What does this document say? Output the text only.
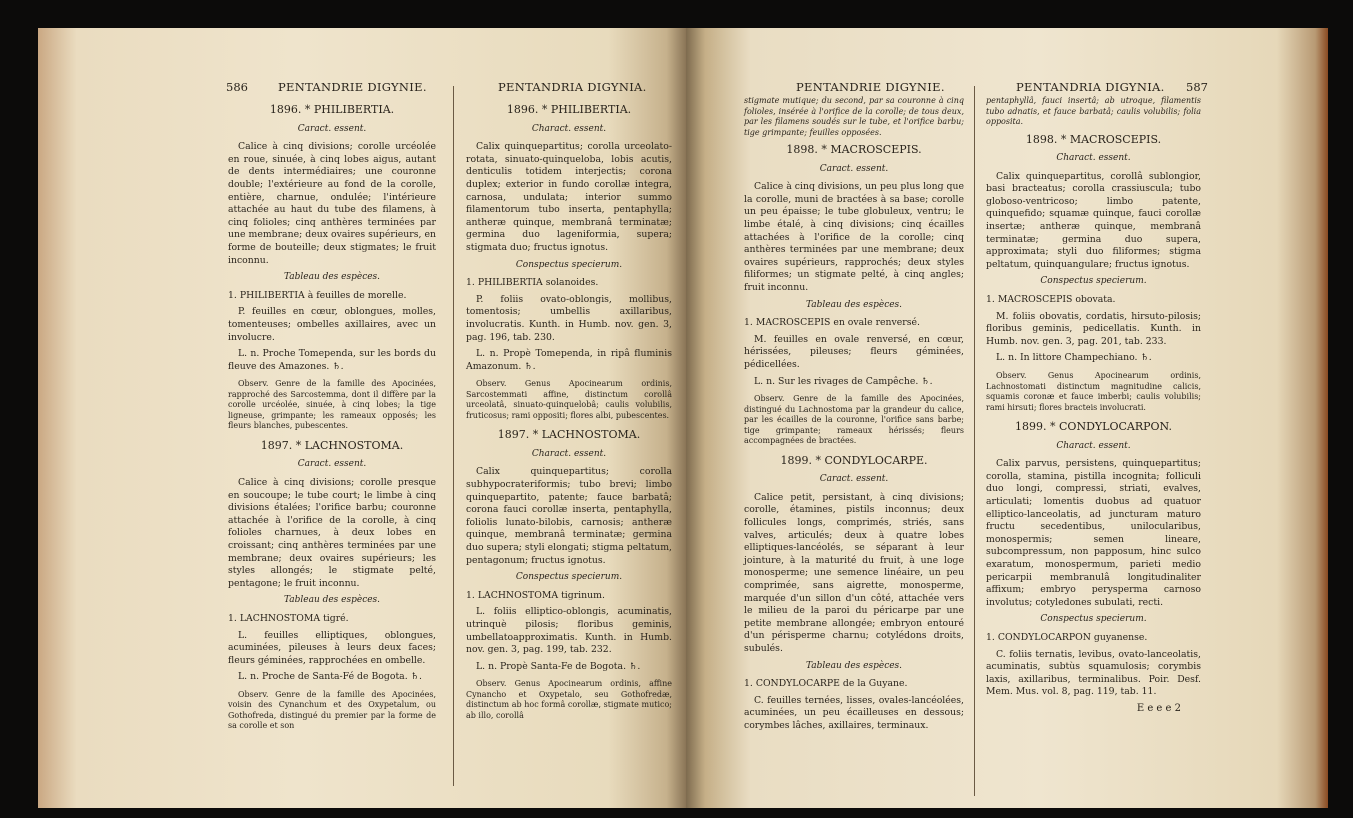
586	PENTANDRIE DIGYNIE.	PENTANDRIA DIGYNIA.
1896. * PHILIBERTIA.
Caract. essent.

Calice à cinq divisions; corolle urcéolée en roue, sinuée, à cinq lobes aigus, autant de dents intermédiaires; une couronne double; l'extérieure au fond de la corolle, entière, charnue, ondulée; l'intérieure attachée au haut du tube des filamens, à cinq folioles; cinq anthères terminées par une membrane; deux ovaires supérieurs, en forme de bouteille; deux stigmates; le fruit inconnu.

Tableau des espèces.

1. PHILIBERTIA à feuilles de morelle.

P. feuilles en cœur, oblongues, molles, tomenteuses; ombelles axillaires, avec un involucre.

L. n. Proche Tomependa, sur les bords du fleuve des Amazones. ♄.

Observ. Genre de la famille des Apocinées, rapproché des Sarcostemma, dont il diffère par la corolle urcéolée, sinuée, à cinq lobes; la tige ligneuse, grimpante; les rameaux opposés; les fleurs blanches, pubescentes.
1897. * LACHNOSTOMA.
Caract. essent.

Calice à cinq divisions; corolle presque en soucoupe; le tube court; le limbe à cinq divisions étalées; l'orifice barbu; couronne attachée à l'orifice de la corolle, à cinq folioles charnues, à deux lobes en croissant; cinq anthères terminées par une membrane; deux ovaires supérieurs; les styles allongés; le stigmate pelté, pentagone; le fruit inconnu.

Tableau des espèces.

1. LACHNOSTOMA tigré.

L. feuilles elliptiques, oblongues, acuminées, pileuses à leurs deux faces; fleurs géminées, rapprochées en ombelle.

L. n. Proche de Santa-Fé de Bogota. ♄.

Observ. Genre de la famille des Apocinées, voisin des Cynanchum et des Oxypetalum, ou Gothofreda, distingué du premier par la forme de sa corolle et son
1896. * PHILIBERTIA.
Charact. essent.

Calix quinquepartitus; corolla urceolato-rotata, sinuato-quinqueloba, lobis acutis, denticulis totidem interjectis; corona duplex; exterior in fundo corollæ integra, carnosa, undulata; interior summo filamentorum tubo inserta, pentaphylla; antheræ quinque, membranâ terminatæ; germina duo lageniformia, supera; stigmata duo; fructus ignotus.

Conspectus specierum.

1. PHILIBERTIA solanoides.

P. foliis ovato-oblongis, mollibus, tomentosis; umbellis axillaribus, involucratis. Kunth. in Humb. nov. gen. 3, pag. 196, tab. 230.

L. n. Propè Tomependa, in ripâ fluminis Amazonum. ♄.

Observ. Genus Apocinearum ordinis, Sarcostemmati affine, distinctum corollâ urceolatâ, sinuato-quinquelobâ; caulis volubilis, fruticosus; rami oppositi; flores albi, pubescentes.
1897. * LACHNOSTOMA.
Charact. essent.

Calix quinquepartitus; corolla subhypocrateriformis; tubo brevi; limbo quinquepartito, patente; fauce barbatâ; corona fauci corollæ inserta, pentaphylla, foliolis lunato-bilobis, carnosis; antheræ quinque, membranâ terminatæ; germina duo supera; styli elongati; stigma peltatum, pentagonum; fructus ignotus.

Conspectus specierum.

1. LACHNOSTOMA tigrinum.

L. foliis elliptico-oblongis, acuminatis, utrinquè pilosis; floribus geminis, umbellatoapproximatis. Kunth. in Humb. nov. gen. 3, pag. 199, tab. 232.

L. n. Propè Santa-Fe de Bogota. ♄.

Observ. Genus Apocinearum ordinis, affine Cynancho et Oxypetalo, seu Gothofredæ, distinctum ab hoc formâ corollæ, stigmate mutico; ab illo, corollâ
PENTANDRIE DIGYNIE.	PENTANDRIA DIGYNIA. 587
stigmate mutique; du second, par sa couronne à cinq folioles, insérée à l'orifice de la corolle; de tous deux, par les filamens soudés sur le tube, et l'orifice barbu; tige grimpante; feuilles opposées.
1898. * MACROSCEPIS.
Caract. essent.

Calice à cinq divisions, un peu plus long que la corolle, muni de bractées à sa base; corolle un peu épaisse; le tube globuleux, ventru; le limbe étalé, à cinq divisions; cinq écailles attachées à l'orifice de la corolle; cinq anthères terminées par une membrane; deux ovaires supérieurs, rapprochés; deux styles filiformes; un stigmate pelté, à cinq angles; fruit inconnu.

Tableau des espèces.

1. MACROSCEPIS en ovale renversé.

M. feuilles en ovale renversé, en cœur, hérissées, pileuses; fleurs géminées, pédicellées.

L. n. Sur les rivages de Campêche. ♄.

Observ. Genre de la famille des Apocinées, distingué du Lachnostoma par la grandeur du calice, par les écailles de la couronne, l'orifice sans barbe; tige grimpante; rameaux hérissés; fleurs accompagnées de bractées.
1899. * CONDYLOCARPE.
Caract. essent.

Calice petit, persistant, à cinq divisions; corolle, étamines, pistils inconnus; deux follicules longs, comprimés, striés, sans valves, articulés; deux à quatre lobes elliptiques-lancéolés, se séparant à leur jointure, à la maturité du fruit, à une loge monosperme; une semence linéaire, un peu comprimée, sans aigrette, monosperme, marquée d'un sillon d'un côté, attachée vers le milieu de la paroi du péricarpe par une petite membrane allongée; embryon entouré d'un périsperme charnu; cotylédons droits, subulés.

Tableau des espèces.

1. CONDYLOCARPE de la Guyane.

C. feuilles ternées, lisses, ovales-lancéolées, acuminées, un peu écailleuses en dessous; corymbes lâches, axillaires, terminaux.

pentaphyllâ, fauci insertâ; ab utroque, filamentis tubo adnatis, et fauce barbatâ; caulis volubilis; folia opposita.
1898. * MACROSCEPIS.
Charact. essent.

Calix quinquepartitus, corollâ sublongior, basi bracteatus; corolla crassiuscula; tubo globoso-ventricoso; limbo patente, quinquefido; squamæ quinque, fauci corollæ insertæ; antheræ quinque, membranâ terminatæ; germina duo supera, approximata; styli duo filiformes; stigma peltatum, quinquangulare; fructus ignotus.

Conspectus specierum.

1. MACROSCEPIS obovata.

M. foliis obovatis, cordatis, hirsuto-pilosis; floribus geminis, pedicellatis. Kunth. in Humb. nov. gen. 3, pag. 201, tab. 233.

L. n. In littore Champechiano. ♄.

Observ. Genus Apocinearum ordinis, Lachnostomati distinctum magnitudine calicis, squamis coronæ et fauce imberbi; caulis volubilis; rami hirsuti; flores bracteis involucrati.
1899. * CONDYLOCARPON.
Charact. essent.

Calix parvus, persistens, quinquepartitus; corolla, stamina, pistilla incognita; folliculi duo longi, compressi, striati, evalves, articulati; lomentis duobus ad quatuor elliptico-lanceolatis, ad juncturam maturo fructu secedentibus, unilocularibus, monospermis; semen lineare, subcompressum, non papposum, hinc sulco exaratum, monospermum, parieti medio pericarpii membranulâ longitudinaliter affixum; embryo perysperma carnoso involutus; cotyledones subulati, recti.

Conspectus specierum.

1. CONDYLOCARPON guyanense.

C. foliis ternatis, levibus, ovato-lanceolatis, acuminatis, subtùs squamulosis; corymbis laxis, axillaribus, terminalibus. Poir. Desf. Mem. Mus. vol. 8, pag. 119, tab. 11.

E e e e 2
